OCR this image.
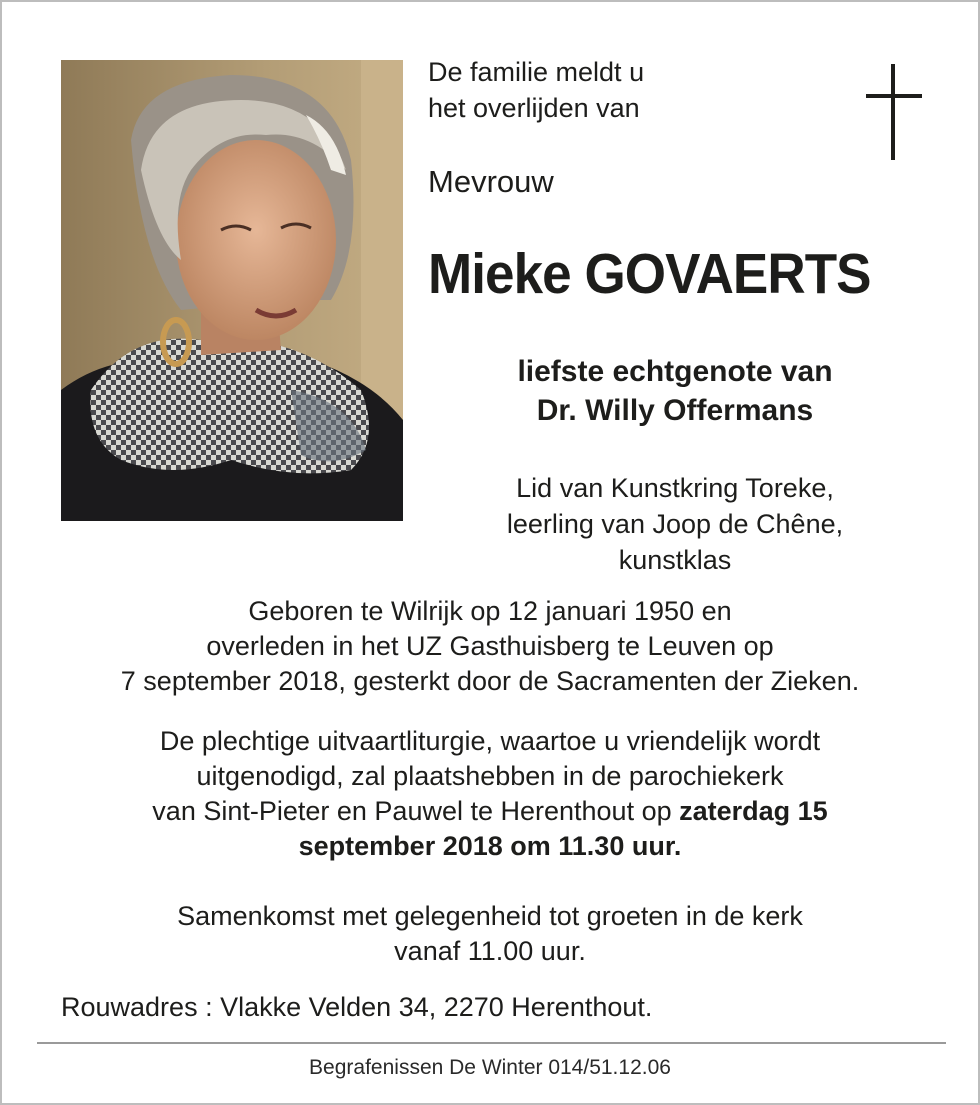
De familie meldt u
het overlijden van
Mevrouw
Mieke GOVAERTS
liefste echtgenote van
Dr. Willy Offermans
Lid van Kunstkring Toreke,
leerling van Joop de Chêne,
kunstklas
Geboren te Wilrijk op 12 januari 1950 en
overleden in het UZ Gasthuisberg te Leuven op
7 september 2018, gesterkt door de Sacramenten der Zieken.
De plechtige uitvaartliturgie, waartoe u vriendelijk wordt
uitgenodigd, zal plaatshebben in de parochiekerk
van Sint-Pieter en Pauwel te Herenthout op zaterdag 15
september 2018 om 11.30 uur.
Samenkomst met gelegenheid tot groeten in de kerk
vanaf 11.00 uur.
Rouwadres : Vlakke Velden 34, 2270 Herenthout.
Begrafenissen De Winter 014/51.12.06
